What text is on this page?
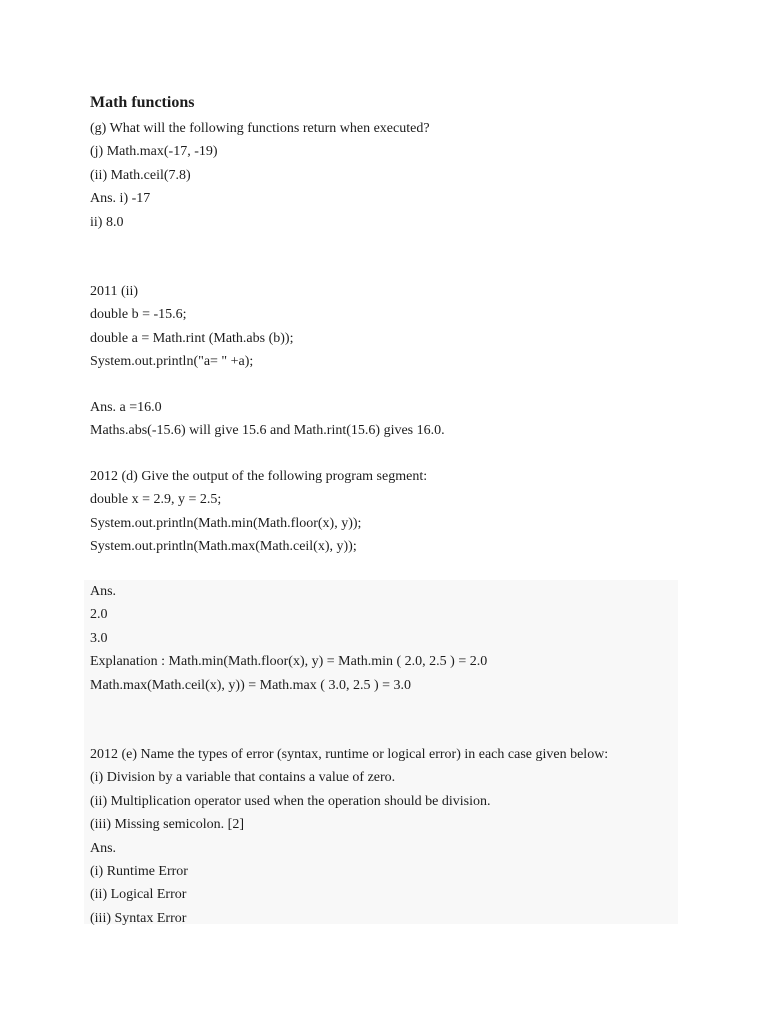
Math functions
(g) What will the following functions return when executed?
(j) Math.max(-17, -19)
(ii) Math.ceil(7.8)
Ans. i) -17
ii) 8.0
2011 (ii)
double b = -15.6;
double a = Math.rint (Math.abs (b));
System.out.println("a= " +a);
Ans. a =16.0
Maths.abs(-15.6) will give 15.6 and Math.rint(15.6) gives 16.0.
2012 (d) Give the output of the following program segment:
double x = 2.9, y = 2.5;
System.out.println(Math.min(Math.floor(x), y));
System.out.println(Math.max(Math.ceil(x), y));
Ans.
2.0
3.0
Explanation : Math.min(Math.floor(x), y) = Math.min ( 2.0, 2.5 ) = 2.0
Math.max(Math.ceil(x), y)) = Math.max ( 3.0, 2.5 ) = 3.0
2012 (e) Name the types of error (syntax, runtime or logical error) in each case given below:
(i) Division by a variable that contains a value of zero.
(ii) Multiplication operator used when the operation should be division.
(iii) Missing semicolon. [2]
Ans.
(i) Runtime Error
(ii) Logical Error
(iii) Syntax Error
